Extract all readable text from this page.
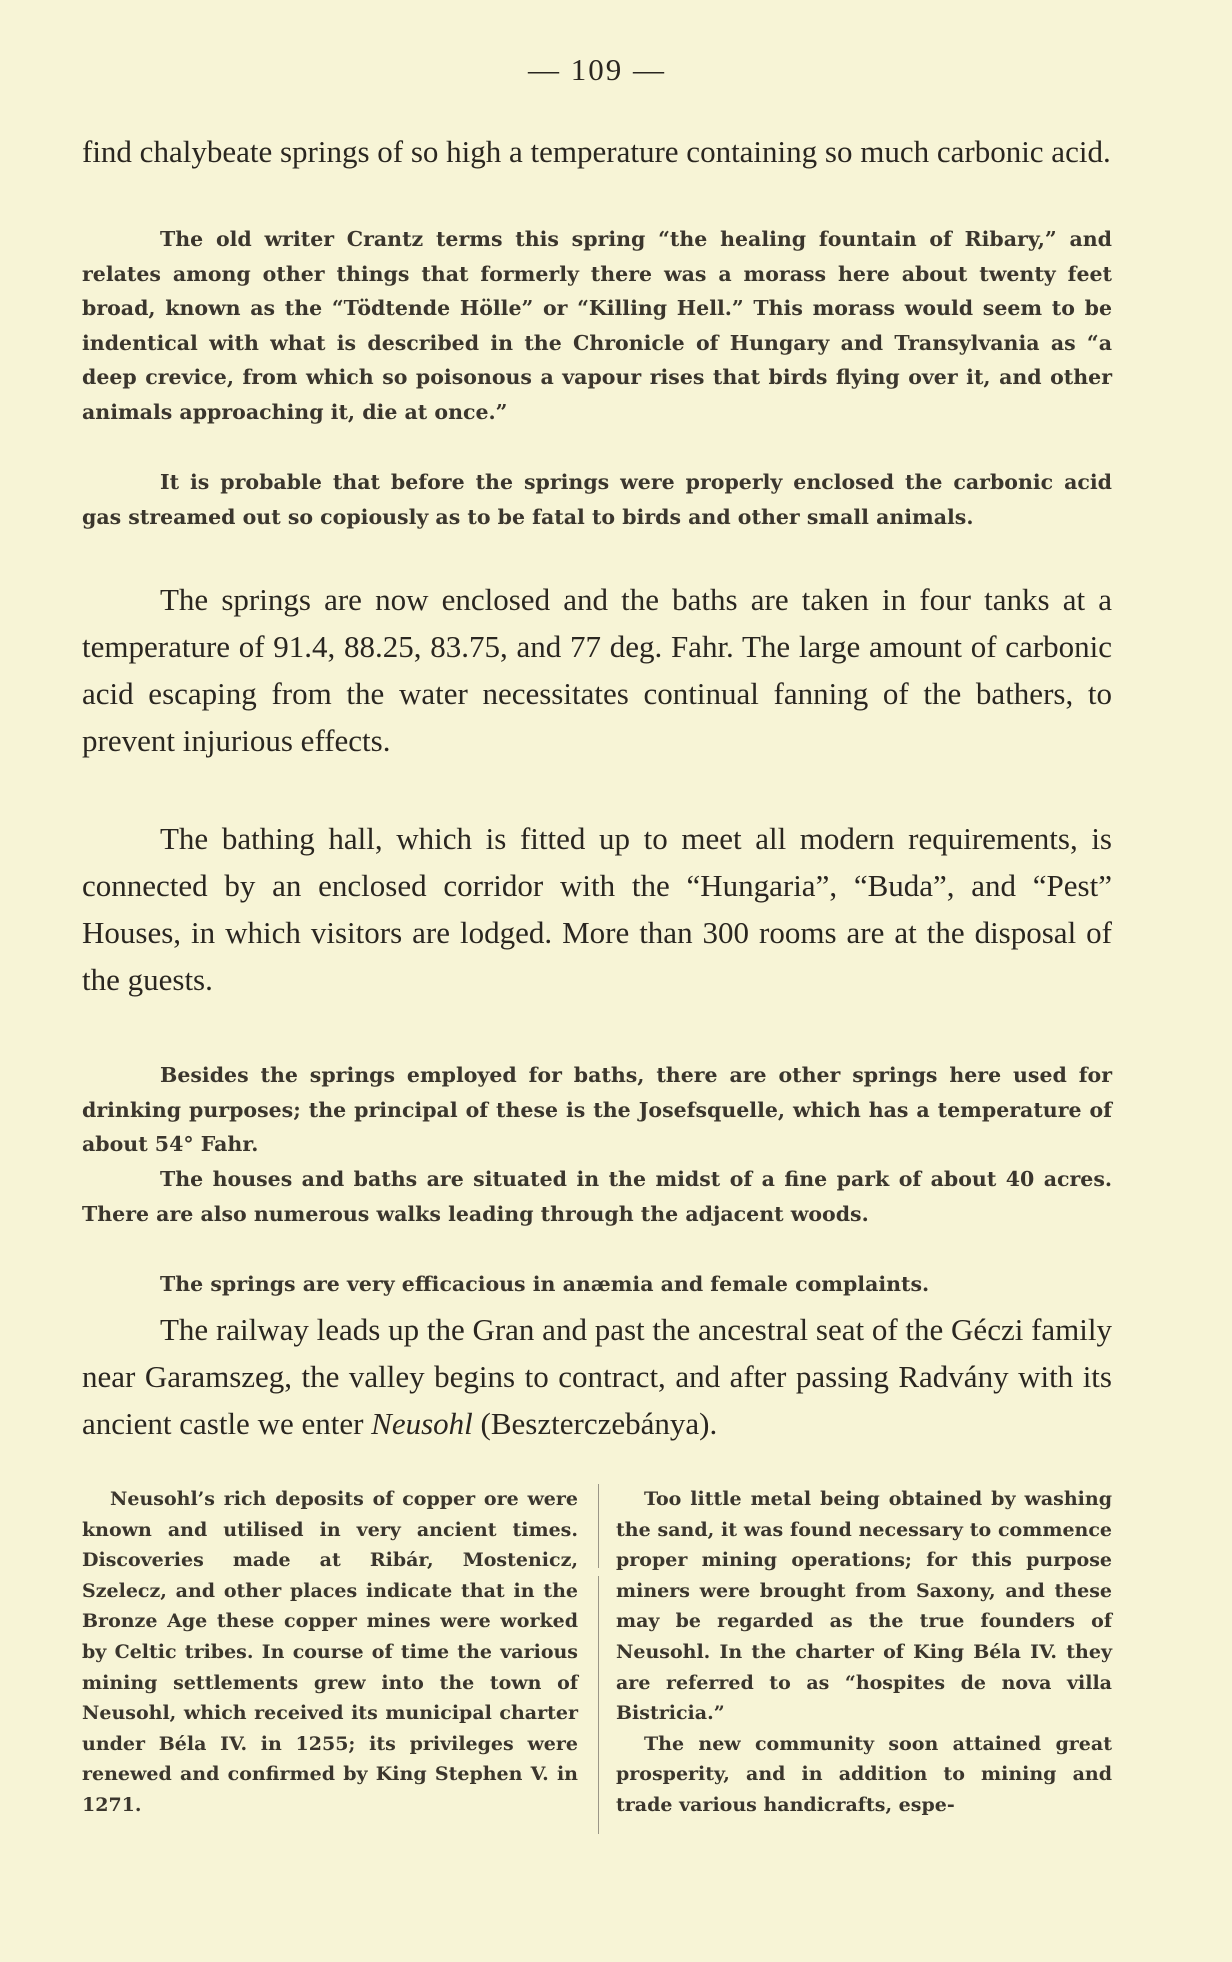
— 109 —

find chalybeate springs of so high a temperature containing so much carbonic acid.

The old writer Crantz terms this spring “the healing fountain of Ribary,” and relates among other things that formerly there was a morass here about twenty feet broad, known as the “Tödtende Hölle” or “Killing Hell.” This morass would seem to be indentical with what is described in the Chronicle of Hungary and Transylvania as “a deep crevice, from which so poisonous a vapour rises that birds flying over it, and other animals approaching it, die at once.”

It is probable that before the springs were properly enclosed the carbonic acid gas streamed out so copiously as to be fatal to birds and other small animals.

The springs are now enclosed and the baths are taken in four tanks at a temperature of 91.4, 88.25, 83.75, and 77 deg. Fahr. The large amount of carbonic acid escaping from the water necessitates continual fanning of the bathers, to prevent injurious effects.

The bathing hall, which is fitted up to meet all modern requirements, is connected by an enclosed corridor with the “Hungaria”, “Buda”, and “Pest” Houses, in which visitors are lodged. More than 300 rooms are at the disposal of the guests.

Besides the springs employed for baths, there are other springs here used for drinking purposes; the principal of these is the Josefsquelle, which has a temperature of about 54° Fahr.

The houses and baths are situated in the midst of a fine park of about 40 acres. There are also numerous walks leading through the adjacent woods.

The springs are very efficacious in anæmia and female complaints.

The railway leads up the Gran and past the ancestral seat of the Géczi family near Garamszeg, the valley begins to contract, and after passing Radvány with its ancient castle we enter Neusohl (Beszterczebánya).

Neusohl’s rich deposits of copper ore were known and utilised in very ancient times. Discoveries made at Ribár, Mostenicz, Szelecz, and other places indicate that in the Bronze Age these copper mines were worked by Celtic tribes. In course of time the various mining settlements grew into the town of Neusohl, which received its municipal charter under Béla IV. in 1255; its privileges were renewed and confirmed by King Stephen V. in 1271.

Too little metal being obtained by washing the sand, it was found necessary to commence proper mining operations; for this purpose miners were brought from Saxony, and these may be regarded as the true founders of Neusohl. In the charter of King Béla IV. they are referred to as “hospites de nova villa Bistricia.”

The new community soon attained great prosperity, and in addition to mining and trade various handicrafts, espe-
